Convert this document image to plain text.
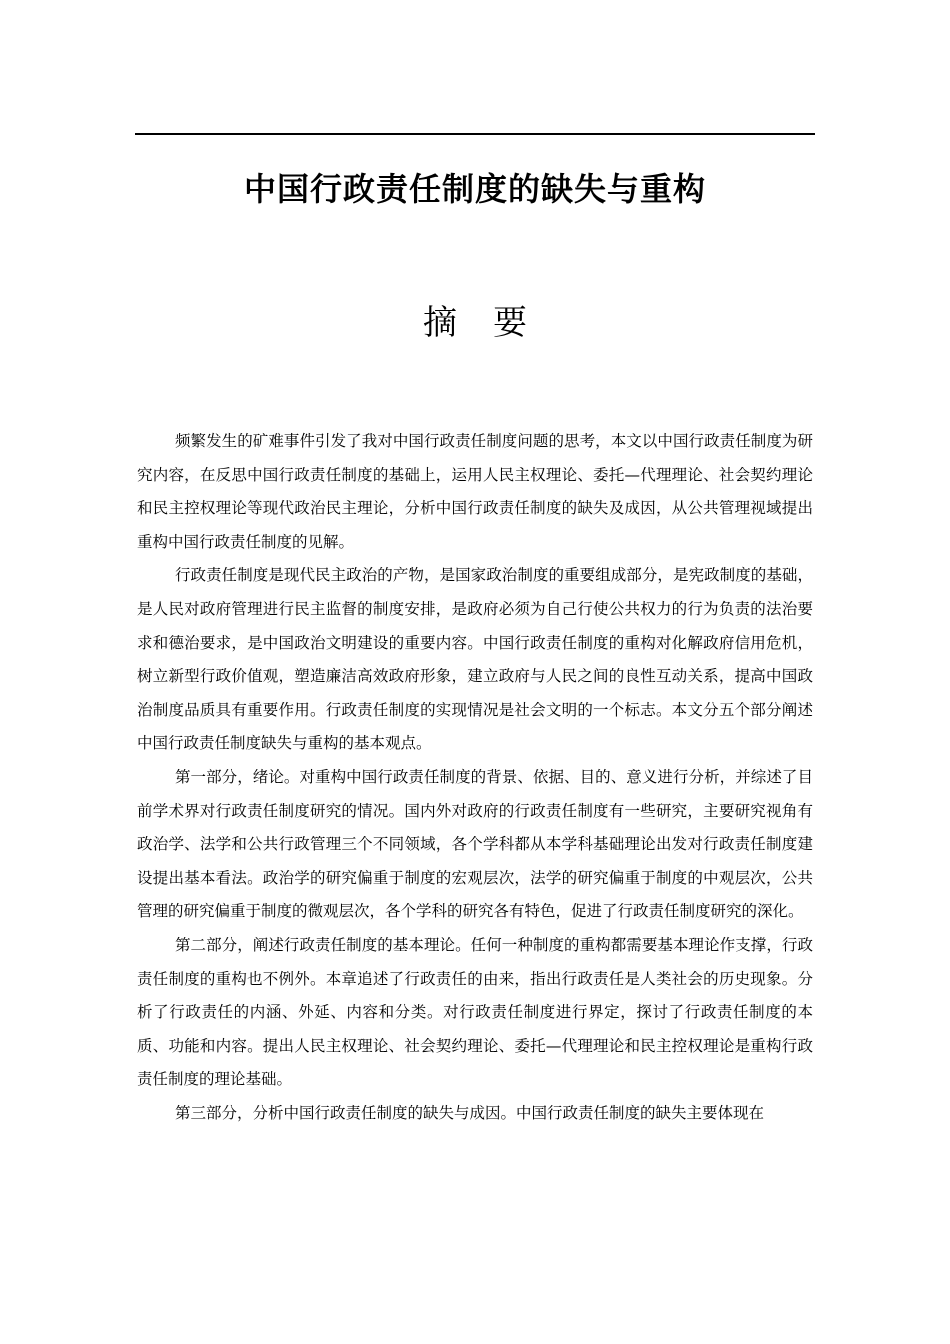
中国行政责任制度的缺失与重构
摘 要

频繁发生的矿难事件引发了我对中国行政责任制度问题的思考，本文以中国行政责任制度为研究内容，在反思中国行政责任制度的基础上，运用人民主权理论、委托—代理理论、社会契约理论和民主控权理论等现代政治民主理论，分析中国行政责任制度的缺失及成因，从公共管理视域提出重构中国行政责任制度的见解。

行政责任制度是现代民主政治的产物，是国家政治制度的重要组成部分，是宪政制度的基础，是人民对政府管理进行民主监督的制度安排，是政府必须为自己行使公共权力的行为负责的法治要求和德治要求，是中国政治文明建设的重要内容。中国行政责任制度的重构对化解政府信用危机，树立新型行政价值观，塑造廉洁高效政府形象，建立政府与人民之间的良性互动关系，提高中国政治制度品质具有重要作用。行政责任制度的实现情况是社会文明的一个标志。本文分五个部分阐述中国行政责任制度缺失与重构的基本观点。

第一部分，绪论。对重构中国行政责任制度的背景、依据、目的、意义进行分析，并综述了目前学术界对行政责任制度研究的情况。国内外对政府的行政责任制度有一些研究，主要研究视角有政治学、法学和公共行政管理三个不同领域，各个学科都从本学科基础理论出发对行政责任制度建设提出基本看法。政治学的研究偏重于制度的宏观层次，法学的研究偏重于制度的中观层次，公共管理的研究偏重于制度的微观层次，各个学科的研究各有特色，促进了行政责任制度研究的深化。

第二部分，阐述行政责任制度的基本理论。任何一种制度的重构都需要基本理论作支撑，行政责任制度的重构也不例外。本章追述了行政责任的由来，指出行政责任是人类社会的历史现象。分析了行政责任的内涵、外延、内容和分类。对行政责任制度进行界定，探讨了行政责任制度的本质、功能和内容。提出人民主权理论、社会契约理论、委托—代理理论和民主控权理论是重构行政责任制度的理论基础。

第三部分，分析中国行政责任制度的缺失与成因。中国行政责任制度的缺失主要体现在
